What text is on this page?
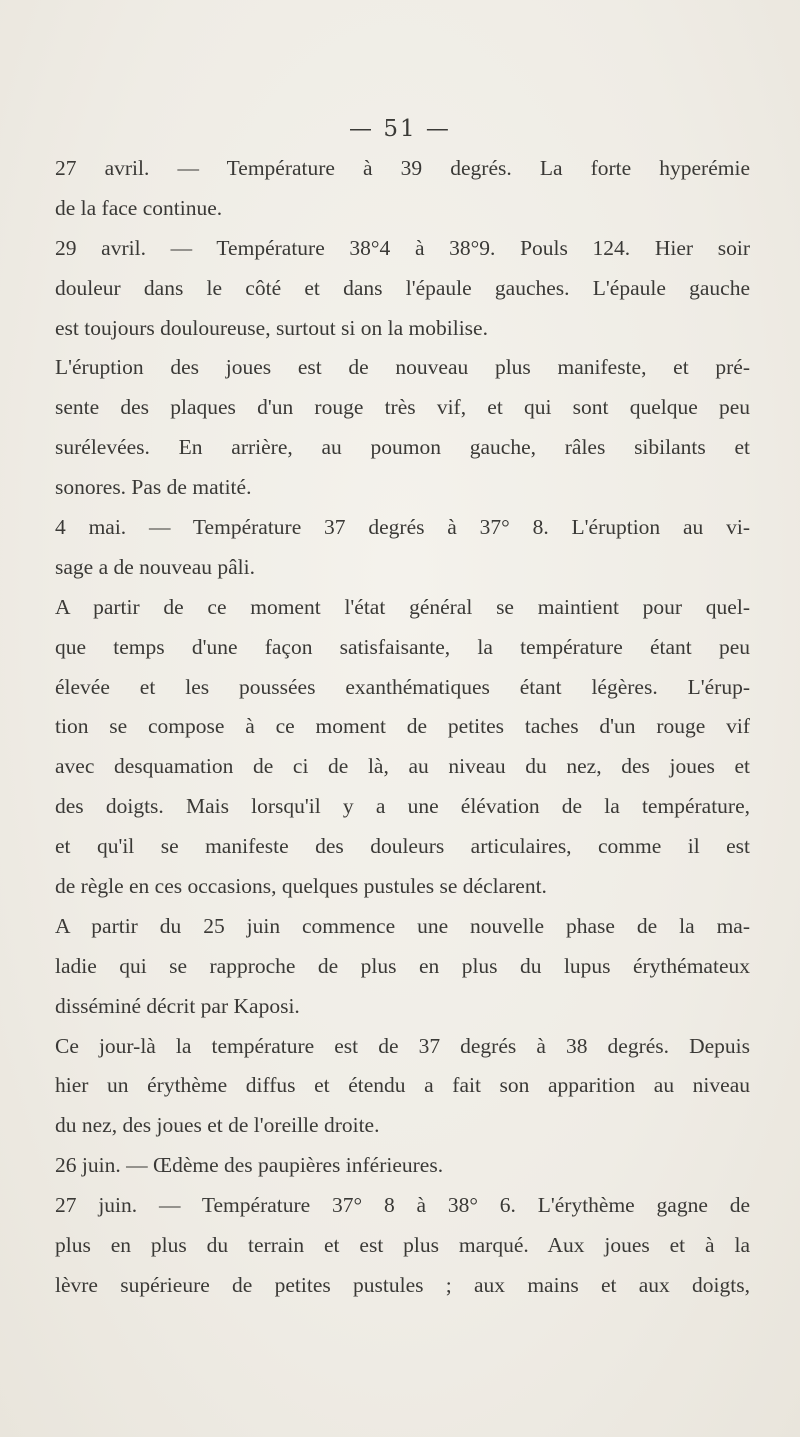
— 51 —
27 avril. — Température à 39 degrés. La forte hyperémie
de la face continue.
29 avril. — Température 38°4 à 38°9. Pouls 124. Hier soir
douleur dans le côté et dans l'épaule gauches. L'épaule gauche
est toujours douloureuse, surtout si on la mobilise.
L'éruption des joues est de nouveau plus manifeste, et pré-
sente des plaques d'un rouge très vif, et qui sont quelque peu
surélevées. En arrière, au poumon gauche, râles sibilants et
sonores. Pas de matité.
4 mai. — Température 37 degrés à 37° 8. L'éruption au vi-
sage a de nouveau pâli.
A partir de ce moment l'état général se maintient pour quel-
que temps d'une façon satisfaisante, la température étant peu
élevée et les poussées exanthématiques étant légères. L'érup-
tion se compose à ce moment de petites taches d'un rouge vif
avec desquamation de ci de là, au niveau du nez, des joues et
des doigts. Mais lorsqu'il y a une élévation de la température,
et qu'il se manifeste des douleurs articulaires, comme il est
de règle en ces occasions, quelques pustules se déclarent.
A partir du 25 juin commence une nouvelle phase de la ma-
ladie qui se rapproche de plus en plus du lupus érythémateux
disséminé décrit par Kaposi.
Ce jour-là la température est de 37 degrés à 38 degrés. Depuis
hier un érythème diffus et étendu a fait son apparition au niveau
du nez, des joues et de l'oreille droite.
26 juin. — Œdème des paupières inférieures.
27 juin. — Température 37° 8 à 38° 6. L'érythème gagne de
plus en plus du terrain et est plus marqué. Aux joues et à la
lèvre supérieure de petites pustules ; aux mains et aux doigts,
